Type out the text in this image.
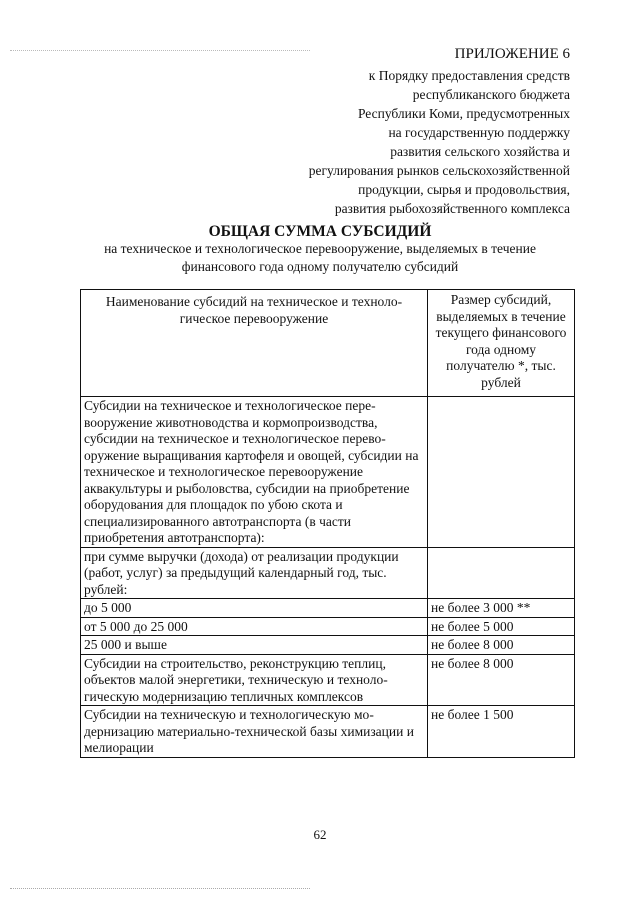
ПРИЛОЖЕНИЕ 6
к Порядку предоставления средств
республиканского бюджета
Республики Коми, предусмотренных
на государственную поддержку
развития сельского хозяйства и
регулирования рынков сельскохозяйственной
продукции, сырья и продовольствия,
развития рыбохозяйственного комплекса
ОБЩАЯ СУММА СУБСИДИЙ
на техническое и технологическое перевооружение, выделяемых в течение финансового года одному получателю субсидий
Наименование субсидий на техническое и технологическое перевооружение	Размер субсидий, выделяемых в течение текущего финансового года одному получателю *, тыс. рублей
Субсидии на техническое и технологическое перевооружение животноводства и кормопроизводства, субсидии на техническое и технологическое перевооружение выращивания картофеля и овощей, субсидии на техническое и технологическое перевооружение аквакультуры и рыболовства, субсидии на приобретение оборудования для площадок по убою скота и специализированного автотранспорта (в части приобретения автотранспорта):	
при сумме выручки (дохода) от реализации продукции (работ, услуг) за предыдущий календарный год, тыс. рублей:	
до 5 000	не более 3 000 **
от 5 000 до 25 000	не более 5 000
25 000 и выше	не более 8 000
Субсидии на строительство, реконструкцию теплиц, объектов малой энергетики, техническую и технологическую модернизацию тепличных комплексов	не более 8 000
Субсидии на техническую и технологическую модернизацию материально-технической базы химизации и мелиорации	не более 1 500
62
